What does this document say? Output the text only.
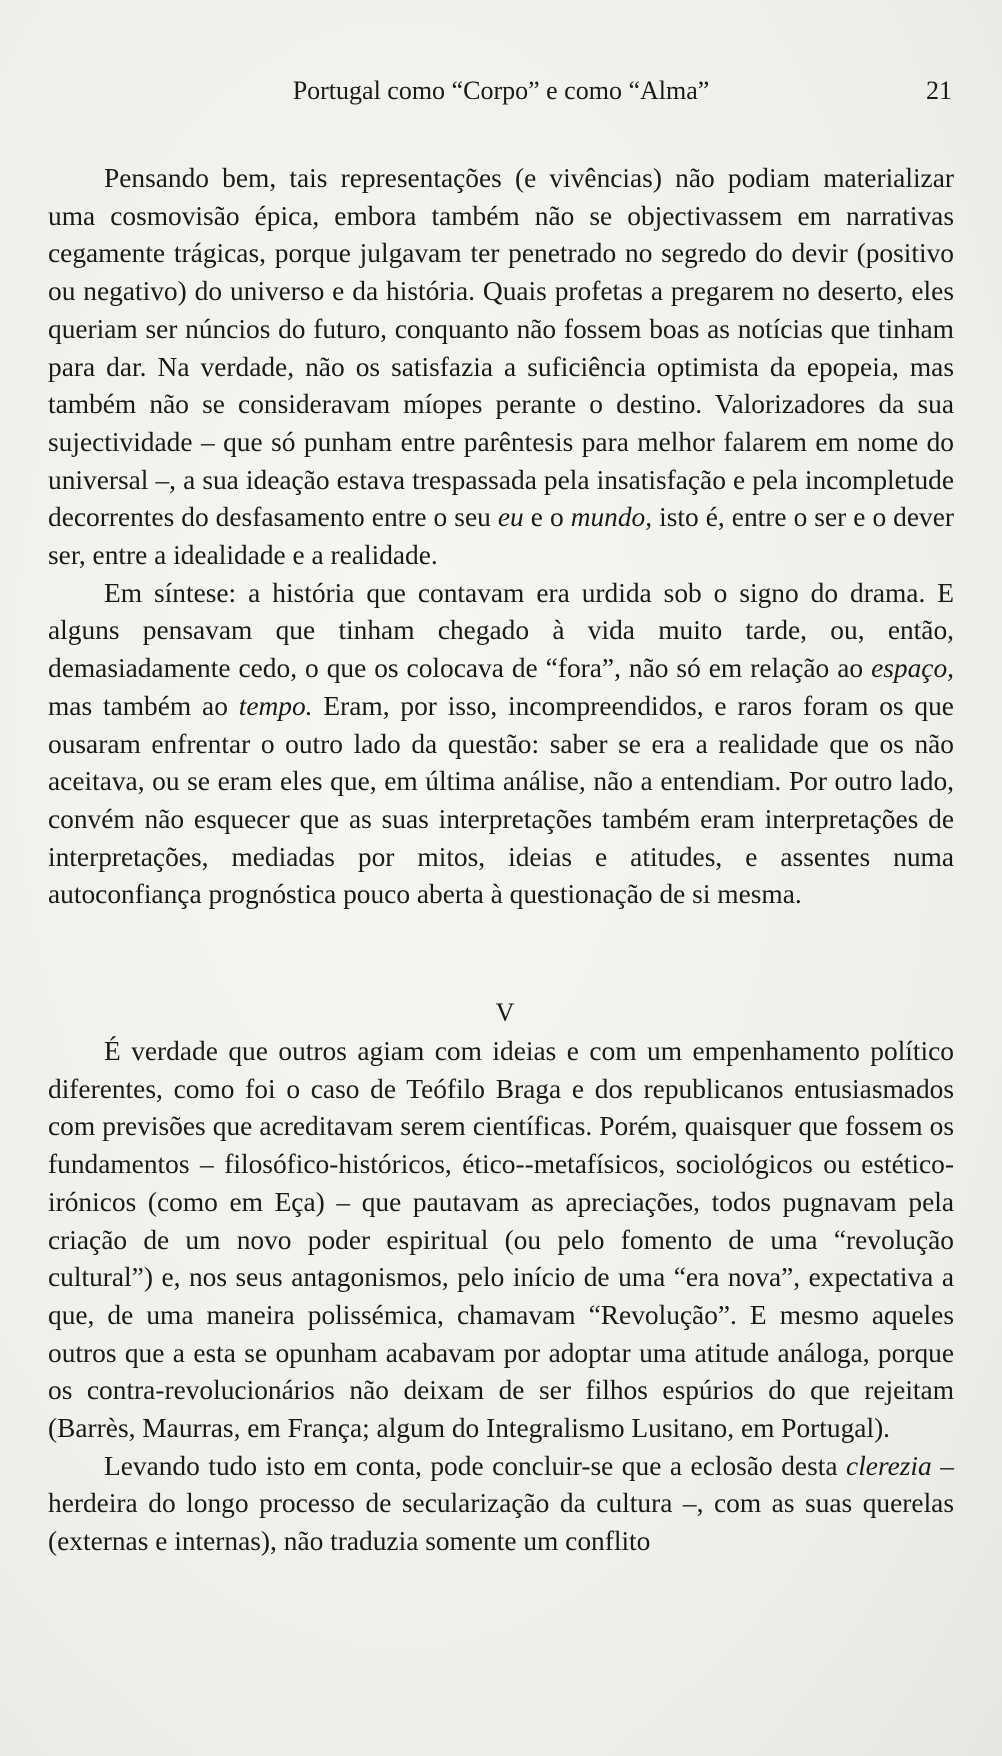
Portugal como “Corpo” e como “Alma”	21

Pensando bem, tais representações (e vivências) não podiam materializar uma cosmovisão épica, embora também não se objectivassem em narrativas cegamente trágicas, porque julgavam ter penetrado no segredo do devir (positivo ou negativo) do universo e da história. Quais profetas a pregarem no deserto, eles queriam ser núncios do futuro, conquanto não fossem boas as notícias que tinham para dar. Na verdade, não os satisfazia a suficiência optimista da epopeia, mas também não se consideravam míopes perante o destino. Valorizadores da sua sujectividade – que só punham entre parêntesis para melhor falarem em nome do universal –, a sua ideação estava trespassada pela insatisfação e pela incompletude decorrentes do desfasamento entre o seu eu e o mundo, isto é, entre o ser e o dever ser, entre a idealidade e a realidade.

Em síntese: a história que contavam era urdida sob o signo do drama. E alguns pensavam que tinham chegado à vida muito tarde, ou, então, demasiadamente cedo, o que os colocava de “fora”, não só em relação ao espaço, mas também ao tempo. Eram, por isso, incompreendidos, e raros foram os que ousaram enfrentar o outro lado da questão: saber se era a realidade que os não aceitava, ou se eram eles que, em última análise, não a entendiam. Por outro lado, convém não esquecer que as suas interpretações também eram interpretações de interpretações, mediadas por mitos, ideias e atitudes, e assentes numa autoconfiança prognóstica pouco aberta à questionação de si mesma.

V

É verdade que outros agiam com ideias e com um empenhamento político diferentes, como foi o caso de Teófilo Braga e dos republicanos entusiasmados com previsões que acreditavam serem científicas. Porém, quaisquer que fossem os fundamentos – filosófico-históricos, ético--metafísicos, sociológicos ou estético-irónicos (como em Eça) – que pautavam as apreciações, todos pugnavam pela criação de um novo poder espiritual (ou pelo fomento de uma “revolução cultural”) e, nos seus antagonismos, pelo início de uma “era nova”, expectativa a que, de uma maneira polissémica, chamavam “Revolução”. E mesmo aqueles outros que a esta se opunham acabavam por adoptar uma atitude análoga, porque os contra-revolucionários não deixam de ser filhos espúrios do que rejeitam (Barrès, Maurras, em França; algum do Integralismo Lusitano, em Portugal).

Levando tudo isto em conta, pode concluir-se que a eclosão desta clerezia – herdeira do longo processo de secularização da cultura –, com as suas querelas (externas e internas), não traduzia somente um conflito
